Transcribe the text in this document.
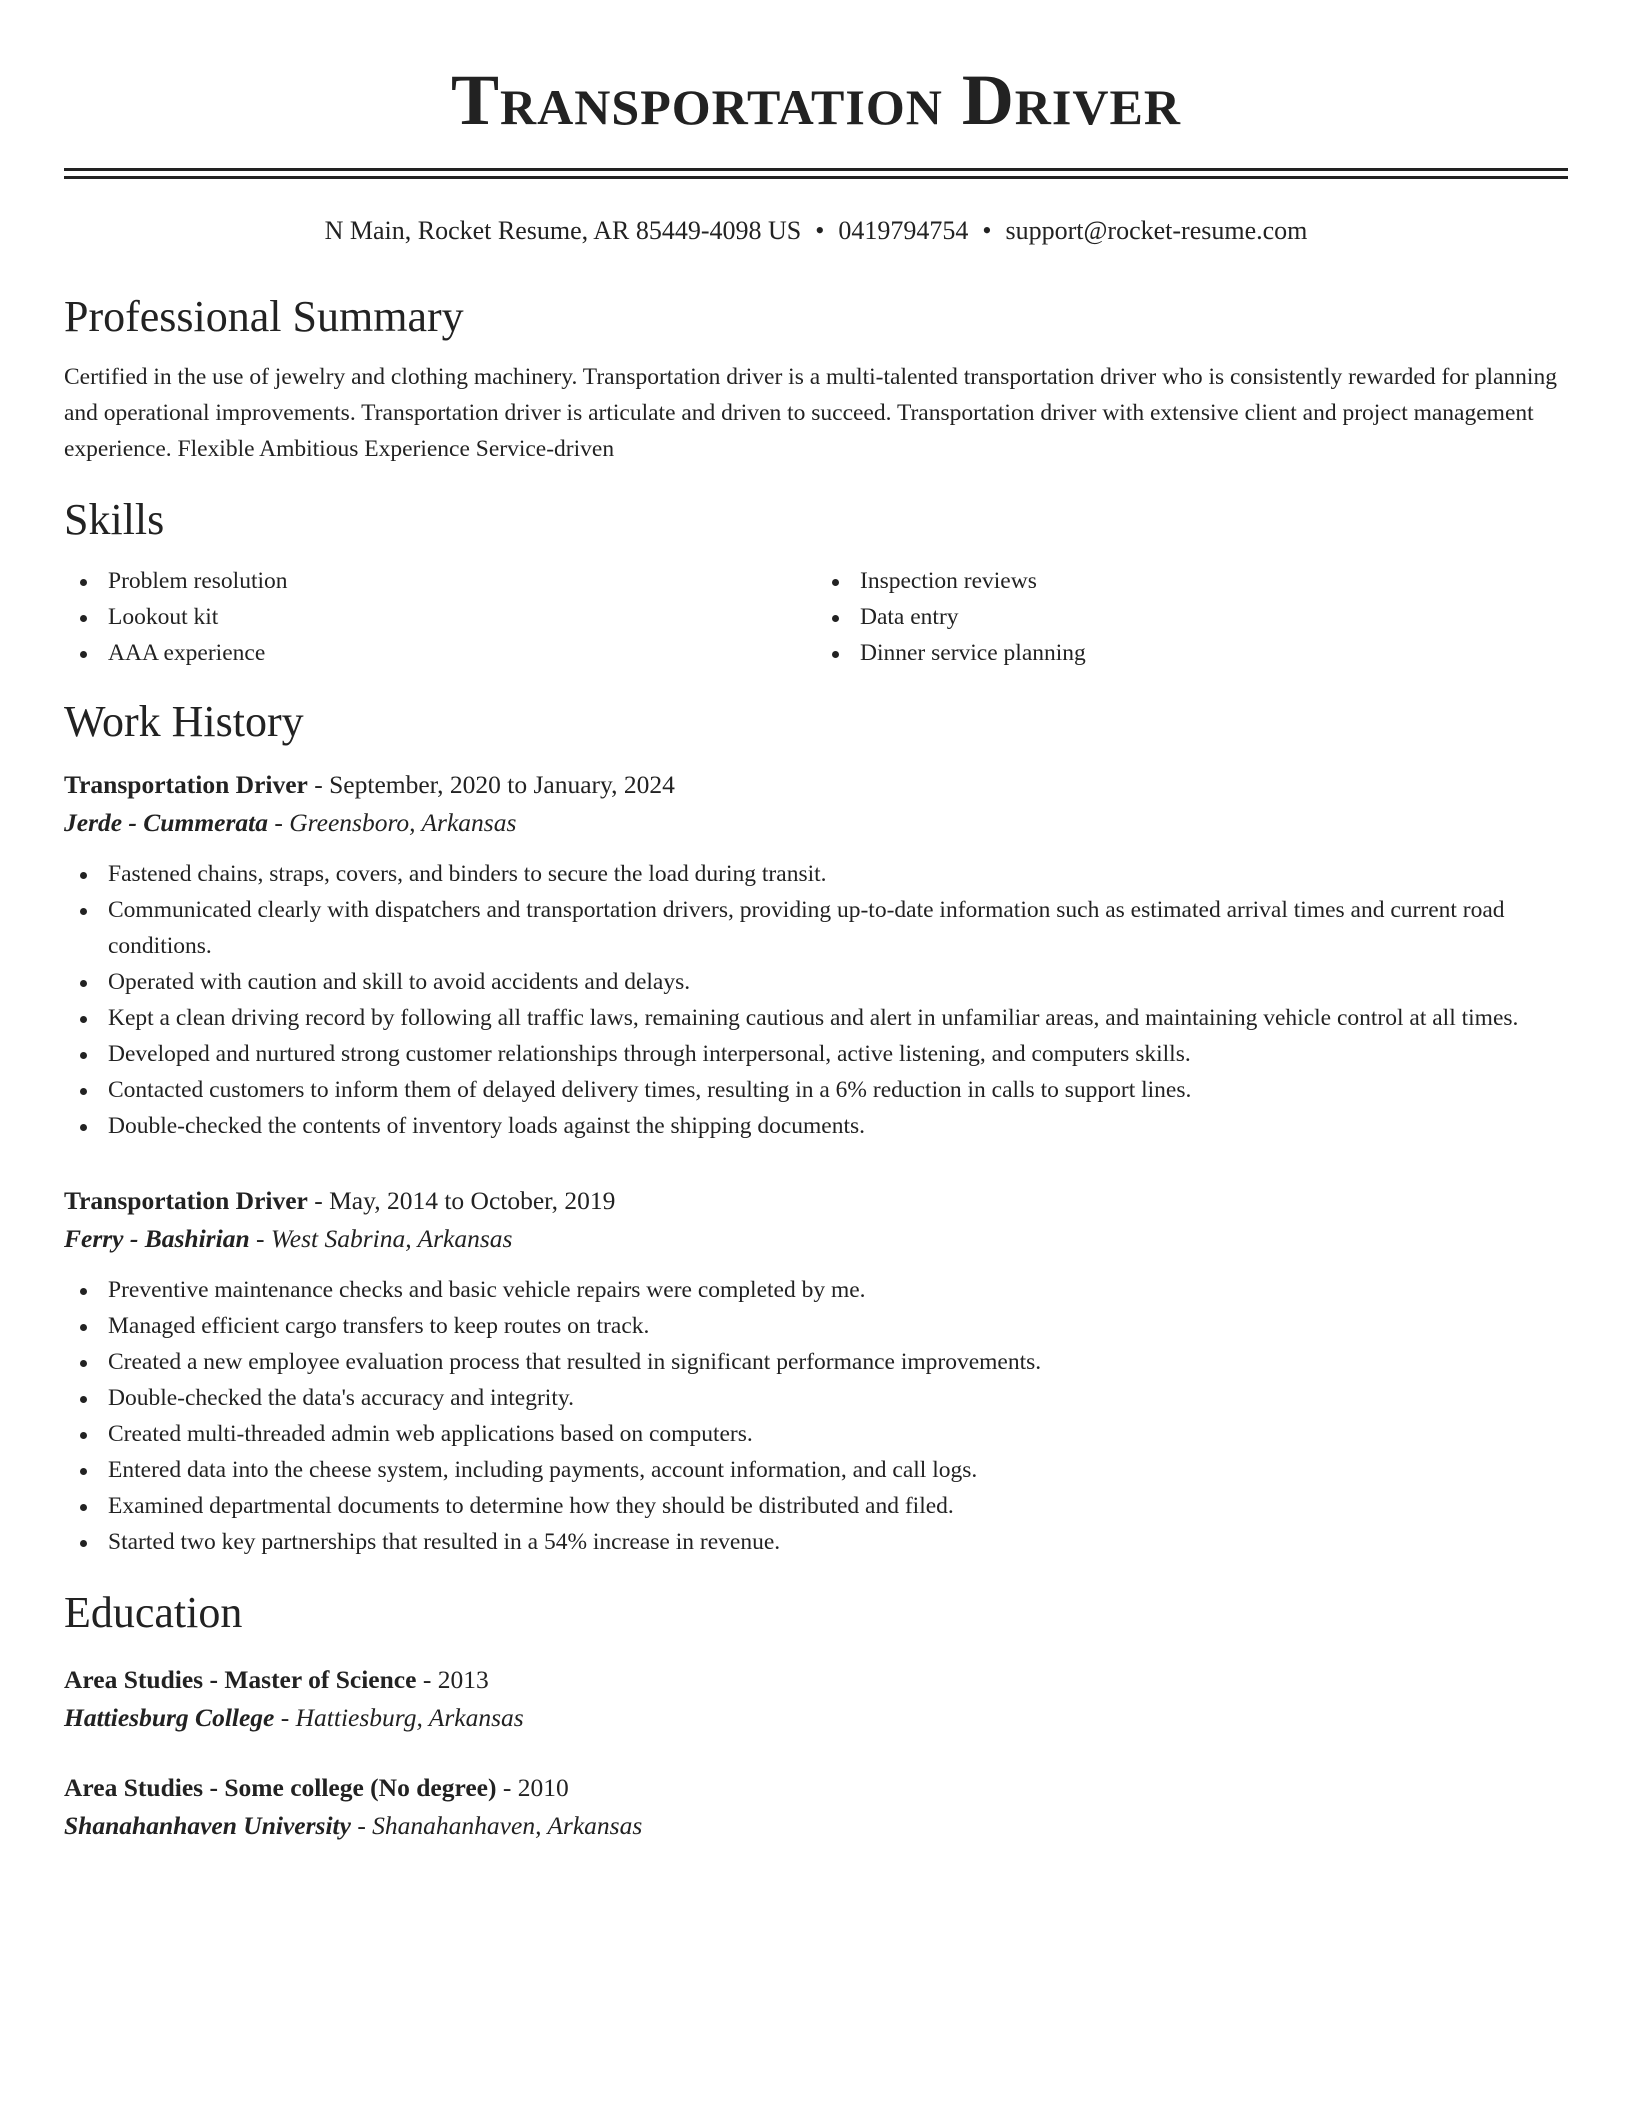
Transportation Driver
N Main, Rocket Resume, AR 85449-4098 US • 0419794754 • support@rocket-resume.com
Professional Summary

Certified in the use of jewelry and clothing machinery. Transportation driver is a multi-talented transportation driver who is consistently rewarded for planning and operational improvements. Transportation driver is articulate and driven to succeed. Transportation driver with extensive client and project management experience. Flexible Ambitious Experience Service-driven

Skills
Problem resolution
Lookout kit
AAA experience
Inspection reviews
Data entry
Dinner service planning
Work History
Transportation Driver - September, 2020 to January, 2024
Jerde - Cummerata - Greensboro, Arkansas
Fastened chains, straps, covers, and binders to secure the load during transit.
Communicated clearly with dispatchers and transportation drivers, providing up-to-date information such as estimated arrival times and current road conditions.
Operated with caution and skill to avoid accidents and delays.
Kept a clean driving record by following all traffic laws, remaining cautious and alert in unfamiliar areas, and maintaining vehicle control at all times.
Developed and nurtured strong customer relationships through interpersonal, active listening, and computers skills.
Contacted customers to inform them of delayed delivery times, resulting in a 6% reduction in calls to support lines.
Double-checked the contents of inventory loads against the shipping documents.
Transportation Driver - May, 2014 to October, 2019
Ferry - Bashirian - West Sabrina, Arkansas
Preventive maintenance checks and basic vehicle repairs were completed by me.
Managed efficient cargo transfers to keep routes on track.
Created a new employee evaluation process that resulted in significant performance improvements.
Double-checked the data's accuracy and integrity.
Created multi-threaded admin web applications based on computers.
Entered data into the cheese system, including payments, account information, and call logs.
Examined departmental documents to determine how they should be distributed and filed.
Started two key partnerships that resulted in a 54% increase in revenue.
Education
Area Studies - Master of Science - 2013
Hattiesburg College - Hattiesburg, Arkansas
Area Studies - Some college (No degree) - 2010
Shanahanhaven University - Shanahanhaven, Arkansas
